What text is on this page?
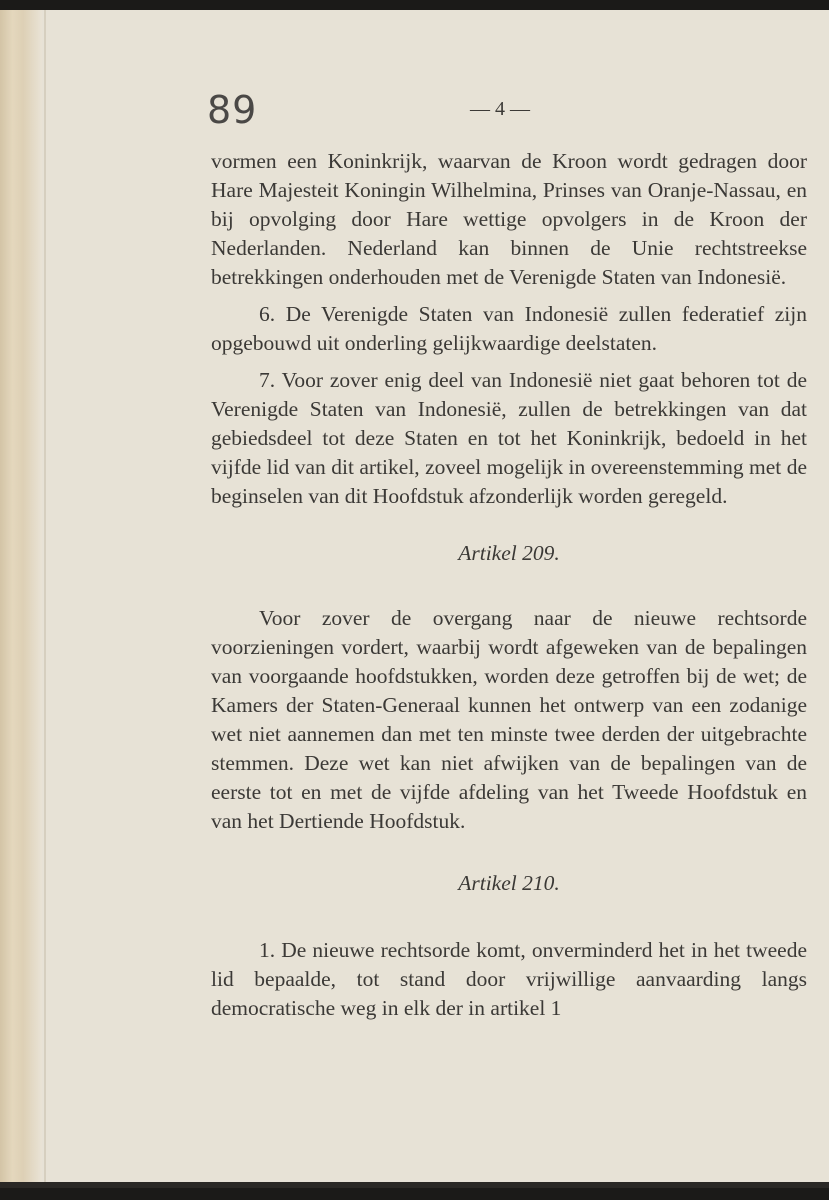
89	— 4 —

vormen een Koninkrijk, waarvan de Kroon wordt gedragen door Hare Majesteit Koningin Wilhelmina, Prinses van Oranje-Nassau, en bij opvolging door Hare wettige opvolgers in de Kroon der Nederlanden. Nederland kan binnen de Unie rechtstreekse betrekkingen onderhouden met de Verenigde Staten van Indonesië.

6. De Verenigde Staten van Indonesië zullen federatief zijn opgebouwd uit onderling gelijkwaardige deelstaten.

7. Voor zover enig deel van Indonesië niet gaat behoren tot de Verenigde Staten van Indonesië, zullen de betrekkingen van dat gebiedsdeel tot deze Staten en tot het Koninkrijk, bedoeld in het vijfde lid van dit artikel, zoveel mogelijk in overeenstemming met de beginselen van dit Hoofdstuk afzonderlijk worden geregeld.

Artikel 209.

Voor zover de overgang naar de nieuwe rechtsorde voorzieningen vordert, waarbij wordt afgeweken van de bepalingen van voorgaande hoofdstukken, worden deze getroffen bij de wet; de Kamers der Staten-Generaal kunnen het ontwerp van een zodanige wet niet aannemen dan met ten minste twee derden der uitgebrachte stemmen. Deze wet kan niet afwijken van de bepalingen van de eerste tot en met de vijfde afdeling van het Tweede Hoofdstuk en van het Dertiende Hoofdstuk.

Artikel 210.

1. De nieuwe rechtsorde komt, onverminderd het in het tweede lid bepaalde, tot stand door vrijwillige aanvaarding langs democratische weg in elk der in artikel 1
